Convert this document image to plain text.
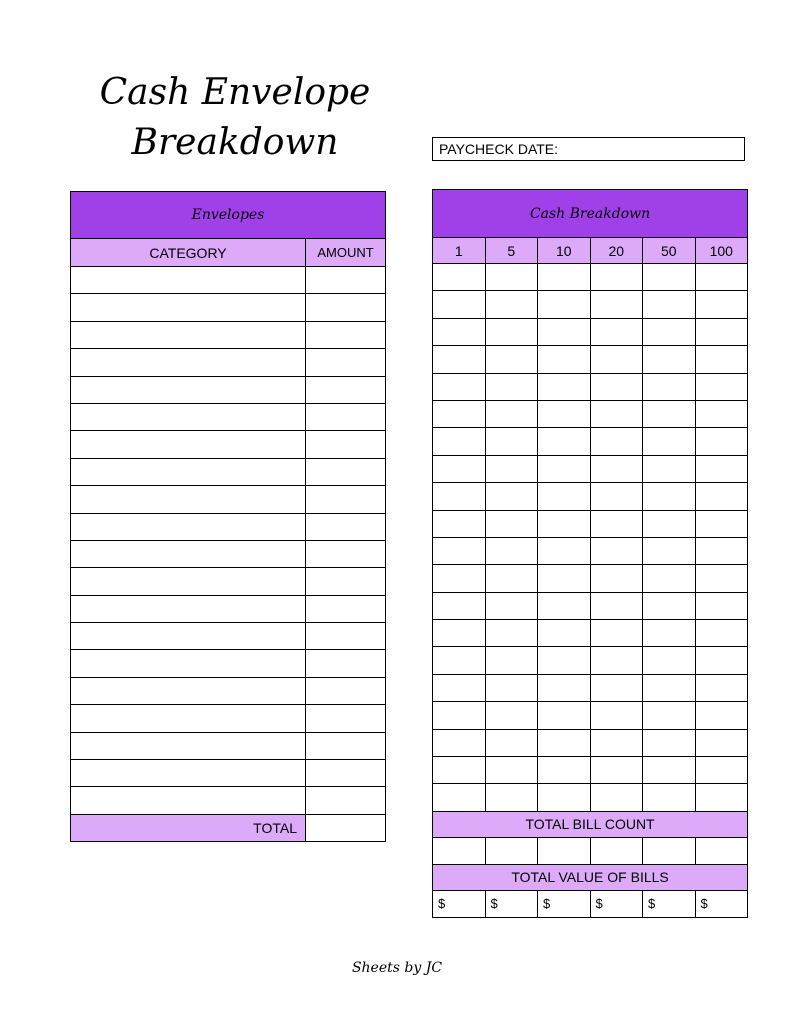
Cash Envelope
Breakdown	PAYCHECK DATE:
Envelopes	
CATEGORY	AMOUNT

TOTAL	
Cash Breakdown					
1	5	10	20	50	100

TOTAL BILL COUNT					

TOTAL VALUE OF BILLS					
$	$	$	$	$	$
Sheets by JC
